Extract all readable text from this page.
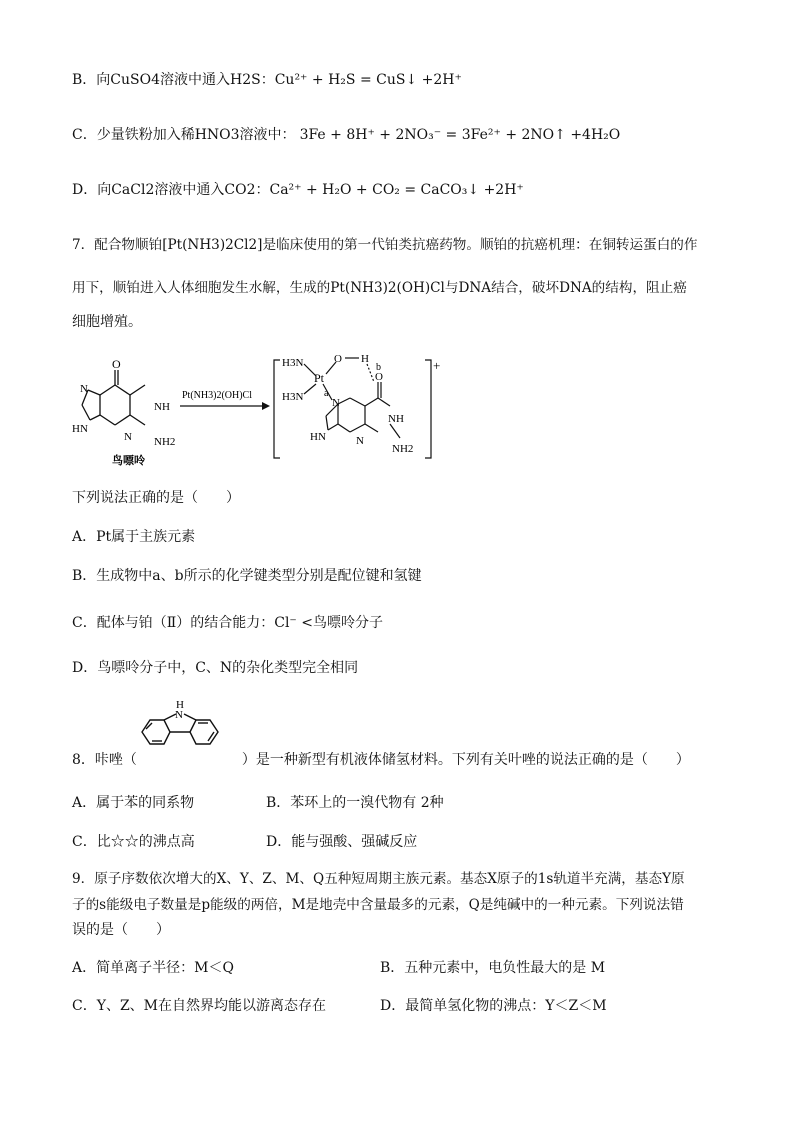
B．向CuSO4溶液中通入H2S：Cu²⁺ + H₂S = CuS↓ +2H⁺
C．少量铁粉加入稀HNO3溶液中： 3Fe + 8H⁺ + 2NO₃⁻ = 3Fe²⁺ + 2NO↑ +4H₂O
D．向CaCl2溶液中通入CO2：Ca²⁺ + H₂O + CO₂ = CaCO₃↓ +2H⁺
7．配合物顺铂[Pt(NH3)2Cl2]是临床使用的第一代铂类抗癌药物。顺铂的抗癌机理：在铜转运蛋白的作
用下，顺铂进入人体细胞发生水解，生成的Pt(NH3)2(OH)Cl与DNA结合，破坏DNA的结构，阻止癌
细胞增殖。
O
N
NH
HN
N NH2
鸟嘌呤
Pt(NH3)2(OH)Cl
+
H3N
H3N
Pt
O H
b
a
O
N
NH
HN	N
NH2
下列说法正确的是（　　）
A．Pt属于主族元素
B．生成物中a、b所示的化学键类型分别是配位键和氢键
C．配体与铂（Ⅱ）的结合能力：Cl⁻ <鸟嘌呤分子
D．鸟嘌呤分子中，C、N的杂化类型完全相同
8．咔唑（	）是一种新型有机液体储氢材料。下列有关叶唑的说法正确的是（　　）
H
N
A．属于苯的同系物	B．苯环上的一溴代物有 2种
C．比☆☆的沸点高	D．能与强酸、强碱反应
9．原子序数依次增大的X、Y、Z、M、Q五种短周期主族元素。基态X原子的1s轨道半充满，基态Y原
子的s能级电子数量是p能级的两倍，M是地壳中含量最多的元素，Q是纯碱中的一种元素。下列说法错
误的是（　　）
A．简单离子半径：M＜Q	B．五种元素中，电负性最大的是 M
C．Y、Z、M在自然界均能以游离态存在	D．最简单氢化物的沸点：Y＜Z＜M
